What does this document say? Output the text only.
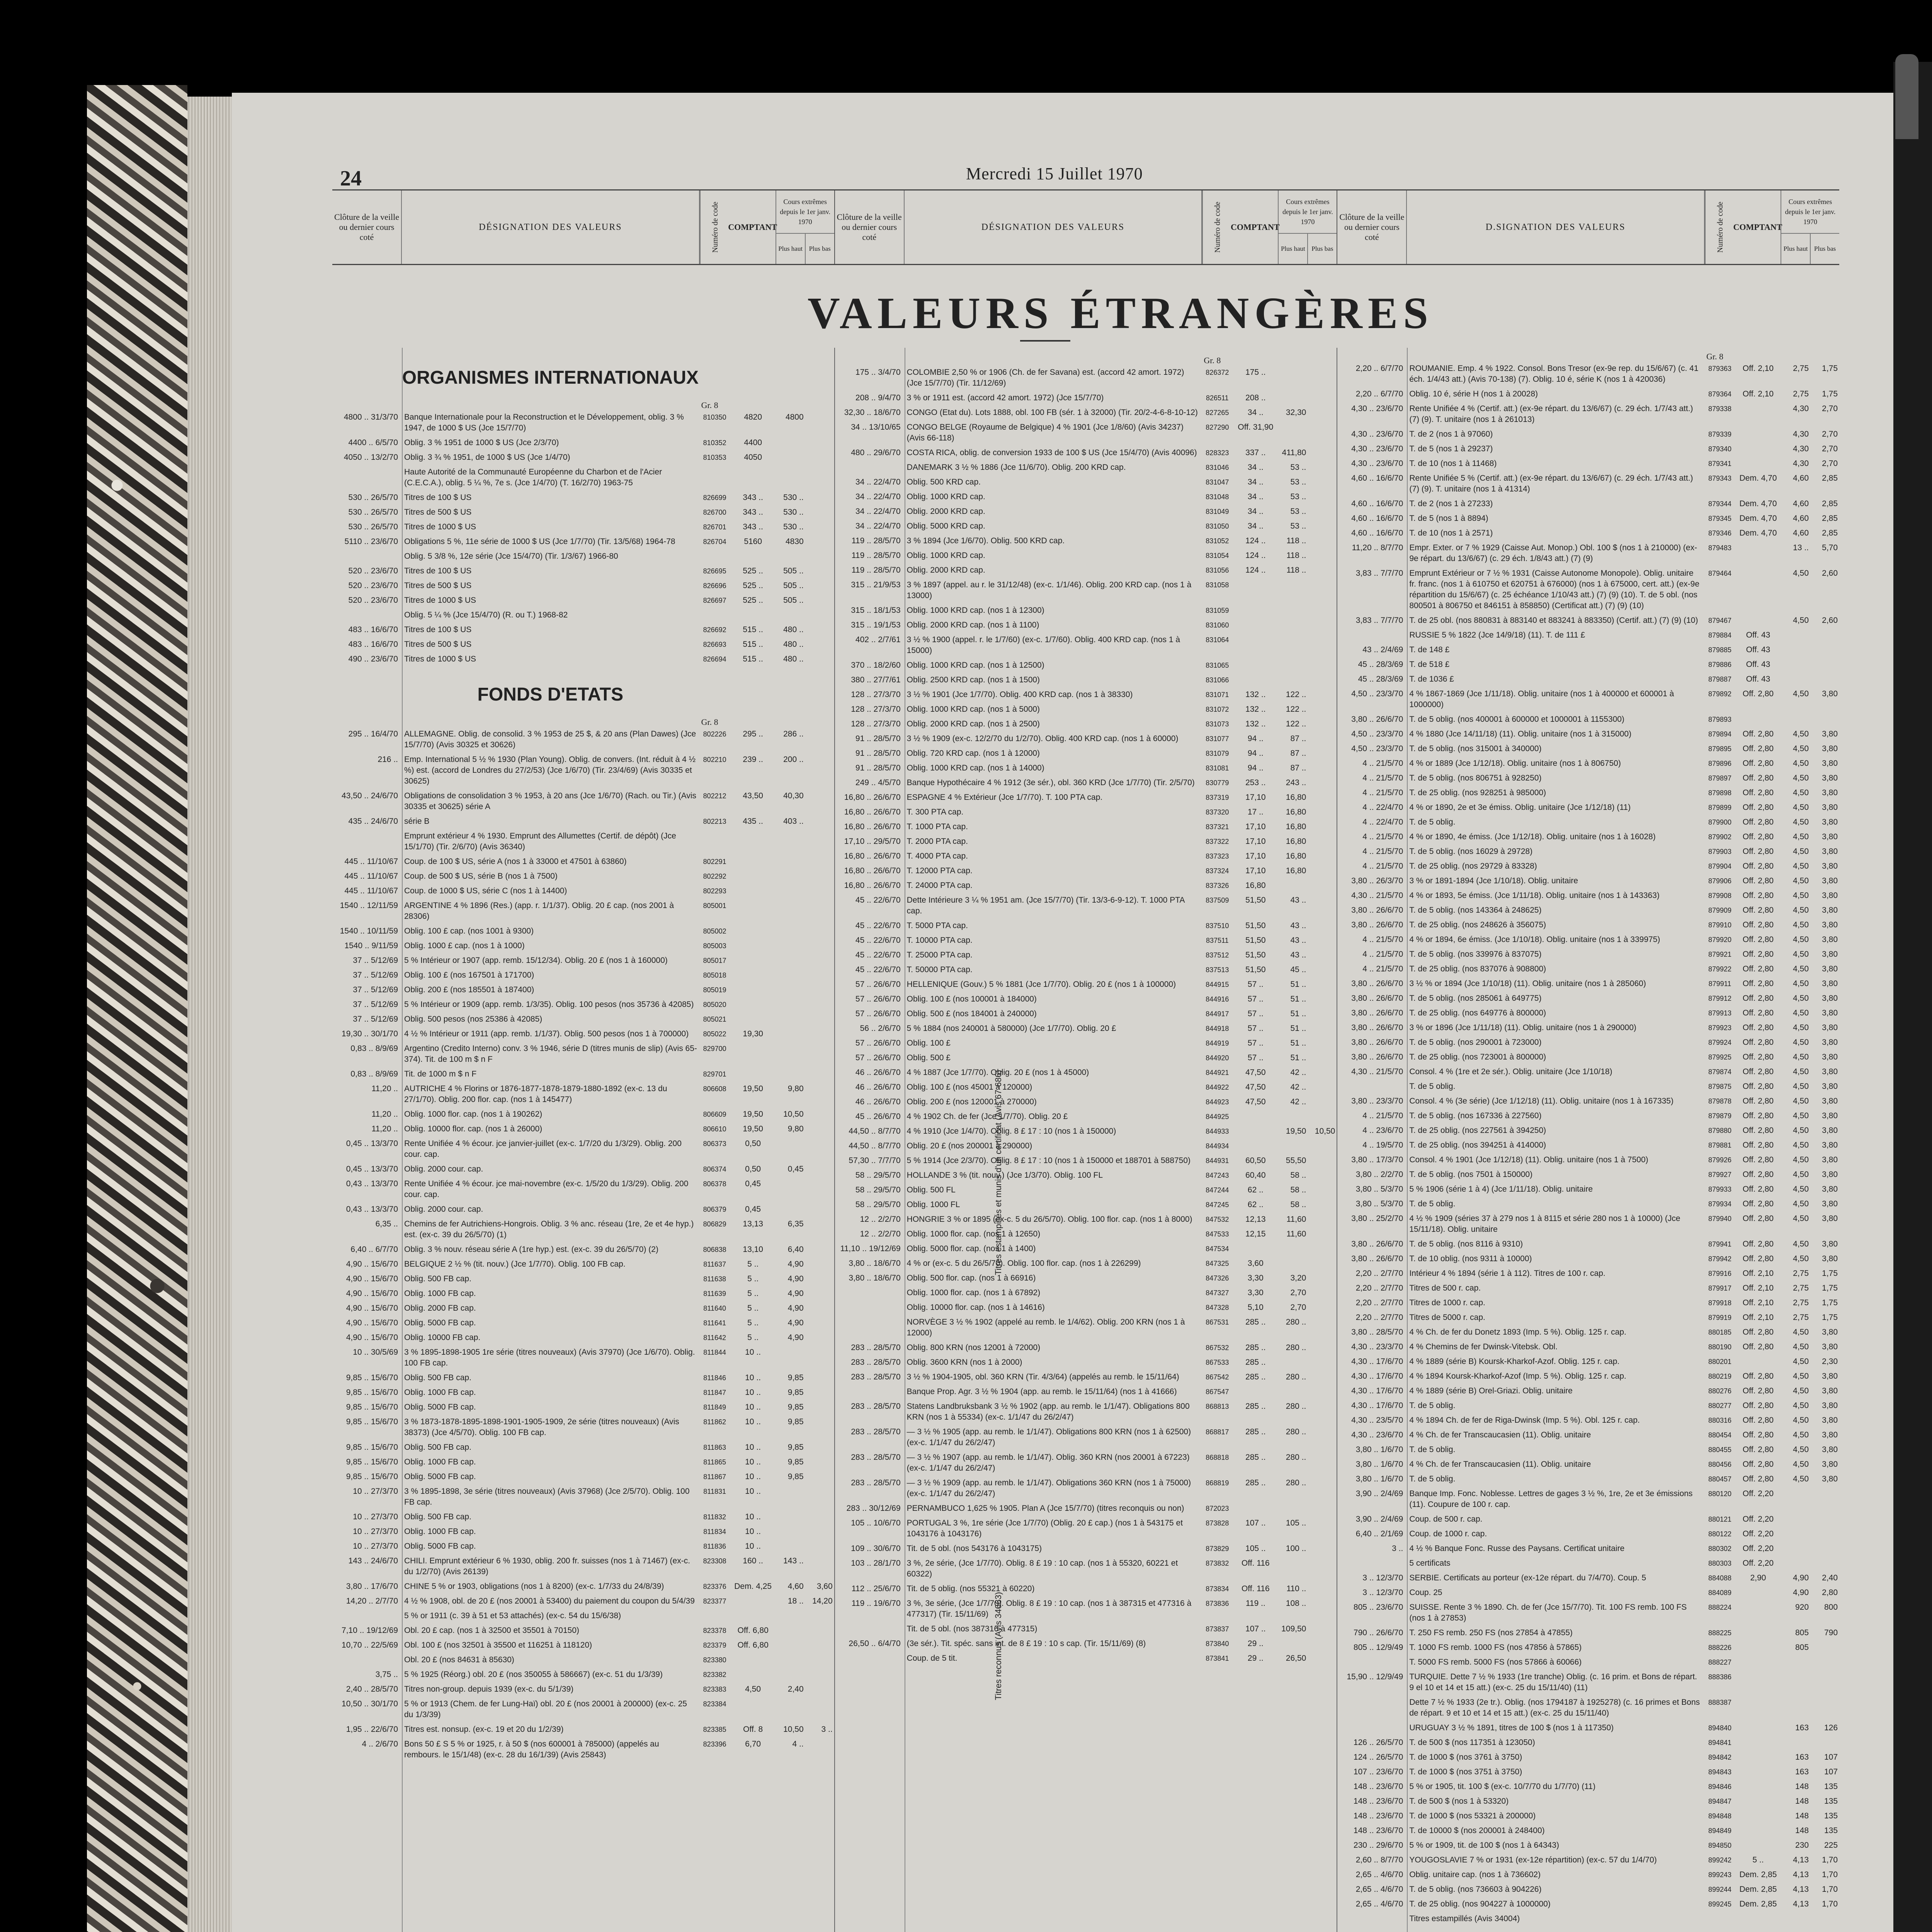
24	Mercredi 15 Juillet 1970
Clôture de la veille ou dernier cours coté
DÉSIGNATION DES VALEURS	Numéro de code	COMPTANT
Cours extrêmes depuis le 1er janv. 1970
Plus haut Plus bas
Clôture de la veille ou dernier cours coté
DÉSIGNATION DES VALEURS	Numéro de code	COMPTANT
Cours extrêmes depuis le 1er janv. 1970
Plus haut Plus bas
Clôture de la veille ou dernier cours coté
D.SIGNATION DES VALEURS	Numéro de code	COMPTANT
Cours extrêmes depuis le 1er janv. 1970
Plus haut Plus bas
VALEURS ÉTRANGÈRES
ORGANISMES INTERNATIONAUX
Gr. 8
4800 .. 31/3/70 Banque Internationale pour la Reconstruction et le Développement, oblig. 3 % 1947, de 1000 $ US (Jce 15/7/70)
810350	4820	4800
4400 .. 6/5/70 Oblig. 3 % 1951 de 1000 $ US (Jce 2/3/70)	810352	4400
4050 .. 13/2/70 Oblig. 3 ¾ % 1951, de 1000 $ US (Jce 1/4/70)	810353	4050
Haute Autorité de la Communauté Européenne du Charbon et de l'Acier (C.E.C.A.), oblig. 5 ¼ %, 7e s. (Jce 1/4/70) (T. 16/2/70) 1963-75
530 .. 26/5/70 Titres de 100 $ US	826699	343 ..	530 ..
530 .. 26/5/70 Titres de 500 $ US	826700	343 ..	530 ..
530 .. 26/5/70 Titres de 1000 $ US	826701	343 ..	530 ..
5110 .. 23/6/70 Obligations 5 %, 11e série de 1000 $ US (Jce 1/7/70) (Tir. 13/5/68) 1964-78	826704	5160	4830
Oblig. 5 3/8 %, 12e série (Jce 15/4/70) (Tir. 1/3/67) 1966-80
520 .. 23/6/70 Titres de 100 $ US	826695	525 ..	505 ..
520 .. 23/6/70 Titres de 500 $ US	826696	525 ..	505 ..
520 .. 23/6/70 Titres de 1000 $ US	826697	525 ..	505 ..
Oblig. 5 ¼ % (Jce 15/4/70) (R. ou T.) 1968-82
483 .. 16/6/70 Titres de 100 $ US	826692	515 ..	480 ..
483 .. 16/6/70 Titres de 500 $ US	826693	515 ..	480 ..
490 .. 23/6/70 Titres de 1000 $ US	826694	515 ..	480 ..
FONDS D'ETATS
Gr. 8
295 .. 16/4/70 ALLEMAGNE. Oblig. de consolid. 3 % 1953 de 25 $, & 20 ans (Plan Dawes) (Jce 15/7/70) (Avis 30325 et 30626)
802226	295 ..	286 ..
216 .. Emp. International 5 ½ % 1930 (Plan Young). Oblig. de convers. (Int. réduit à 4 ½ %) est. (accord de Londres du 27/2/53) (Jce 1/6/70) (Tir. 23/4/69) (Avis 30335 et 30625)
802210	239 ..	200 ..
43,50 .. 24/6/70 Obligations de consolidation 3 % 1953, à 20 ans (Jce 1/6/70) (Rach. ou Tir.) (Avis 30335 et 30625) série A
802212	43,50	40,30
435 .. 24/6/70 série B	802213	435 ..	403 ..
Emprunt extérieur 4 % 1930. Emprunt des Allumettes (Certif. de dépôt) (Jce 15/1/70) (Tir. 2/6/70) (Avis 36340)
445 .. 11/10/67 Coup. de 100 $ US, série A (nos 1 à 33000 et 47501 à 63860)	802291
445 .. 11/10/67 Coup. de 500 $ US, série B (nos 1 à 7500)	802292
445 .. 11/10/67 Coup. de 1000 $ US, série C (nos 1 à 14400)	802293
1540 .. 12/11/59 ARGENTINE 4 % 1896 (Res.) (app. r. 1/1/37). Oblig. 20 £ cap. (nos 2001 à 28306)
805001
1540 .. 10/11/59 Oblig. 100 £ cap. (nos 1001 à 9300)	805002
1540 .. 9/11/59 Oblig. 1000 £ cap. (nos 1 à 1000)	805003
37 .. 5/12/69 5 % Intérieur or 1907 (app. remb. 15/12/34). Oblig. 20 £ (nos 1 à 160000)	805017
37 .. 5/12/69 Oblig. 100 £ (nos 167501 à 171700)	805018
37 .. 5/12/69 Oblig. 200 £ (nos 185501 à 187400)	805019
37 .. 5/12/69 5 % Intérieur or 1909 (app. remb. 1/3/35). Oblig. 100 pesos (nos 35736 à 42085)	805020
37 .. 5/12/69 Oblig. 500 pesos (nos 25386 à 42085)	805021
19,30 .. 30/1/70 4 ½ % Intérieur or 1911 (app. remb. 1/1/37). Oblig. 500 pesos (nos 1 à 700000)	805022	19,30
0,83 .. 8/9/69 Argentino (Credito Interno) conv. 3 % 1946, série D (titres munis de slip) (Avis 65-374). Tit. de 100 m $ n F
829700
0,83 .. 8/9/69 Tit. de 1000 m $ n F	829701
11,20 .. AUTRICHE 4 % Florins or 1876-1877-1878-1879-1880-1892 (ex-c. 13 du 27/1/70). Oblig. 200 flor. cap. (nos 1 à 145477)
806608	19,50	9,80
11,20 .. Oblig. 1000 flor. cap. (nos 1 à 190262)	806609	19,50	10,50
11,20 .. Oblig. 10000 flor. cap. (nos 1 à 26000)	806610	19,50	9,80
0,45 .. 13/3/70 Rente Unifiée 4 % écour. jce janvier-juillet (ex-c. 1/7/20 du 1/3/29). Oblig. 200 cour. cap.
806373	0,50
0,45 .. 13/3/70 Oblig. 2000 cour. cap.	806374	0,50	0,45
0,43 .. 13/3/70 Rente Unifiée 4 % écour. jce mai-novembre (ex-c. 1/5/20 du 1/3/29). Oblig. 200 cour. cap.
806378	0,45
0,43 .. 13/3/70 Oblig. 2000 cour. cap.	806379	0,45
6,35 .. Chemins de fer Autrichiens-Hongrois. Oblig. 3 % anc. réseau (1re, 2e et 4e hyp.) est. (ex-c. 39 du 26/5/70) (1)
806829	13,13	6,35
6,40 .. 6/7/70 Oblig. 3 % nouv. réseau série A (1re hyp.) est. (ex-c. 39 du 26/5/70) (2)	806838	13,10	6,40
4,90 .. 15/6/70 BELGIQUE 2 ½ % (tit. nouv.) (Jce 1/7/70). Oblig. 100 FB cap.	811637	5 ..	4,90
4,90 .. 15/6/70 Oblig. 500 FB cap.	811638	5 ..	4,90
4,90 .. 15/6/70 Oblig. 1000 FB cap.	811639	5 ..	4,90
4,90 .. 15/6/70 Oblig. 2000 FB cap.	811640	5 ..	4,90
4,90 .. 15/6/70 Oblig. 5000 FB cap.	811641	5 ..	4,90
4,90 .. 15/6/70 Oblig. 10000 FB cap.	811642	5 ..	4,90
10 .. 30/5/69 3 % 1895-1898-1905 1re série (titres nouveaux) (Avis 37970) (Jce 1/6/70). Oblig. 100 FB cap.
811844	10 ..
9,85 .. 15/6/70 Oblig. 500 FB cap.	811846	10 ..	9,85
9,85 .. 15/6/70 Oblig. 1000 FB cap.	811847	10 ..	9,85
9,85 .. 15/6/70 Oblig. 5000 FB cap.	811849	10 ..	9,85
9,85 .. 15/6/70 3 % 1873-1878-1895-1898-1901-1905-1909, 2e série (titres nouveaux) (Avis 38373) (Jce 4/5/70). Oblig. 100 FB cap.
811862	10 ..	9,85
9,85 .. 15/6/70 Oblig. 500 FB cap.	811863	10 ..	9,85
9,85 .. 15/6/70 Oblig. 1000 FB cap.	811865	10 ..	9,85
9,85 .. 15/6/70 Oblig. 5000 FB cap.	811867	10 ..	9,85
10 .. 27/3/70 3 % 1895-1898, 3e série (titres nouveaux) (Avis 37968) (Jce 2/5/70). Oblig. 100 FB cap.
811831	10 ..
10 .. 27/3/70 Oblig. 500 FB cap.	811832	10 ..
10 .. 27/3/70 Oblig. 1000 FB cap.	811834	10 ..
10 .. 27/3/70 Oblig. 5000 FB cap.	811836	10 ..
143 .. 24/6/70 CHILI. Emprunt extérieur 6 % 1930, oblig. 200 fr. suisses (nos 1 à 71467) (ex-c. du 1/2/70) (Avis 26139)
823308	160 ..	143 ..
3,80 .. 17/6/70 CHINE 5 % or 1903, obligations (nos 1 à 8200) (ex-c. 1/7/33 du 24/8/39)	823376 Dem. 4,25	4,60	3,60
14,20 .. 2/7/70 4 ½ % 1908, obl. de 20 £ (nos 20001 à 53400) du paiement du coupon du 5/4/39	823377	18 ..	14,20
5 % or 1911 (c. 39 à 51 et 53 attachés) (ex-c. 54 du 15/6/38)
7,10 .. 19/12/69 Obl. 20 £ cap. (nos 1 à 32500 et 35501 à 70150)	823378	Off. 6,80
10,70 .. 22/5/69 Obl. 100 £ (nos 32501 à 35500 et 116251 à 118120)	823379	Off. 6,80
Obl. 20 £ (nos 84631 à 85630)	823380
3,75 .. 5 % 1925 (Réorg.) obl. 20 £ (nos 350055 à 586667) (ex-c. 51 du 1/3/39)	823382
2,40 .. 28/5/70 Titres non-group. depuis 1939 (ex-c. du 5/1/39)	823383	4,50	2,40
10,50 .. 30/1/70 5 % or 1913 (Chem. de fer Lung-Haï) obl. 20 £ (nos 20001 à 200000) (ex-c. 25 du 1/3/39)
823384
1,95 .. 22/6/70 Titres est. nonsup. (ex-c. 19 et 20 du 1/2/39)	823385	Off. 8	10,50	3 ..
4 .. 2/6/70 Bons 50 £ S 5 % or 1925, r. à 50 $ (nos 600001 à 785000) (appelés au rembours. le 15/1/48) (ex-c. 28 du 16/1/39) (Avis 25843)
823396	6,70	4 ..
Gr. 8
175 .. 3/4/70 COLOMBIE 2,50 % or 1906 (Ch. de fer Savana) est. (accord 42 amort. 1972) (Jce 15/7/70) (Tir. 11/12/69)
826372	175 ..
208 .. 9/4/70 3 % or 1911 est. (accord 42 amort. 1972) (Jce 15/7/70)	826511	208 ..
32,30 .. 18/6/70 CONGO (Etat du). Lots 1888, obl. 100 FB (sér. 1 à 32000) (Tir. 20/2-4-6-8-10-12)	827265	34 ..	32,30
34 .. 13/10/65 CONGO BELGE (Royaume de Belgique) 4 % 1901 (Jce 1/8/60) (Avis 34237) (Avis 66-118)
827290	Off. 31,90
480 .. 29/6/70 COSTA RICA, oblig. de conversion 1933 de 100 $ US (Jce 15/4/70) (Avis 40096)	828323	337 ..	411,80
DANEMARK 3 ½ % 1886 (Jce 11/6/70). Oblig. 200 KRD cap.	831046	34 ..	53 ..
34 .. 22/4/70 Oblig. 500 KRD cap.	831047	34 ..	53 ..
34 .. 22/4/70 Oblig. 1000 KRD cap.	831048	34 ..	53 ..
34 .. 22/4/70 Oblig. 2000 KRD cap.	831049	34 ..	53 ..
34 .. 22/4/70 Oblig. 5000 KRD cap.	831050	34 ..	53 ..
119 .. 28/5/70 3 % 1894 (Jce 1/6/70). Oblig. 500 KRD cap.	831052	124 ..	118 ..
119 .. 28/5/70 Oblig. 1000 KRD cap.	831054	124 ..	118 ..
119 .. 28/5/70 Oblig. 2000 KRD cap.	831056	124 ..	118 ..
315 .. 21/9/53 3 % 1897 (appel. au r. le 31/12/48) (ex-c. 1/1/46). Oblig. 200 KRD cap. (nos 1 à 13000)
831058
315 .. 18/1/53 Oblig. 1000 KRD cap. (nos 1 à 12300)	831059
315 .. 19/1/53 Oblig. 2000 KRD cap. (nos 1 à 1100)	831060
402 .. 2/7/61 3 ½ % 1900 (appel. r. le 1/7/60) (ex-c. 1/7/60). Oblig. 400 KRD cap. (nos 1 à 15000)
831064
370 .. 18/2/60 Oblig. 1000 KRD cap. (nos 1 à 12500)	831065
380 .. 27/7/61 Oblig. 2500 KRD cap. (nos 1 à 1500)	831066
128 .. 27/3/70 3 ½ % 1901 (Jce 1/7/70). Oblig. 400 KRD cap. (nos 1 à 38330)	831071	132 ..	122 ..
128 .. 27/3/70 Oblig. 1000 KRD cap. (nos 1 à 5000)	831072	132 ..	122 ..
128 .. 27/3/70 Oblig. 2000 KRD cap. (nos 1 à 2500)	831073	132 ..	122 ..
91 .. 28/5/70 3 ½ % 1909 (ex-c. 12/2/70 du 1/2/70). Oblig. 400 KRD cap. (nos 1 à 60000)	831077	94 ..	87 ..
91 .. 28/5/70 Oblig. 720 KRD cap. (nos 1 à 12000)	831079	94 ..	87 ..
91 .. 28/5/70 Oblig. 1000 KRD cap. (nos 1 à 14000)	831081	94 ..	87 ..
249 .. 4/5/70 Banque Hypothécaire 4 % 1912 (3e sér.), obl. 360 KRD (Jce 1/7/70) (Tir. 2/5/70)	830779	253 ..	243 ..
16,80 .. 26/6/70 ESPAGNE 4 % Extérieur (Jce 1/7/70). T. 100 PTA cap.	837319	17,10	16,80
16,80 .. 26/6/70 T. 300 PTA cap.	837320	17 ..	16,80
16,80 .. 26/6/70 T. 1000 PTA cap.	837321	17,10	16,80
17,10 .. 29/5/70 T. 2000 PTA cap.	837322	17,10	16,80
16,80 .. 26/6/70 T. 4000 PTA cap.	837323	17,10	16,80
16,80 .. 26/6/70 T. 12000 PTA cap.	837324	17,10	16,80
16,80 .. 26/6/70 T. 24000 PTA cap.	837326	16,80
45 .. 22/6/70 Dette Intérieure 3 ¼ % 1951 am. (Jce 15/7/70) (Tir. 13/3-6-9-12). T. 1000 PTA cap.
837509	51,50	43 ..
45 .. 22/6/70 T. 5000 PTA cap.	837510	51,50	43 ..
45 .. 22/6/70 T. 10000 PTA cap.	837511	51,50	43 ..
45 .. 22/6/70 T. 25000 PTA cap.	837512	51,50	43 ..
45 .. 22/6/70 T. 50000 PTA cap.	837513	51,50	45 ..
57 .. 26/6/70 HELLENIQUE (Gouv.) 5 % 1881 (Jce 1/7/70). Oblig. 20 £ (nos 1 à 100000)	844915	57 ..	51 ..
57 .. 26/6/70 Oblig. 100 £ (nos 100001 à 184000)	844916	57 ..	51 ..
57 .. 26/6/70 Oblig. 500 £ (nos 184001 à 240000)	844917	57 ..	51 ..
56 .. 2/6/70 5 % 1884 (nos 240001 à 580000) (Jce 1/7/70). Oblig. 20 £	844918	57 ..	51 ..
57 .. 26/6/70 Oblig. 100 £	844919	57 ..	51 ..
57 .. 26/6/70 Oblig. 500 £	844920	57 ..	51 ..
46 .. 26/6/70 4 % 1887 (Jce 1/7/70). Oblig. 20 £ (nos 1 à 45000)	844921	47,50	42 ..
46 .. 26/6/70 Oblig. 100 £ (nos 45001 à 120000)	844922	47,50	42 ..
46 .. 26/6/70 Oblig. 200 £ (nos 120001 à 270000)	844923	47,50	42 ..
45 .. 26/6/70 4 % 1902 Ch. de fer (Jce 1/7/70). Oblig. 20 £	844925
44,50 .. 8/7/70 4 % 1910 (Jce 1/4/70). Oblig. 8 £ 17 : 10 (nos 1 à 150000)	844933	19,50	10,50
44,50 .. 8/7/70 Oblig. 20 £ (nos 200001 à 290000)	844934
57,30 .. 7/7/70 5 % 1914 (Jce 2/3/70). Oblig. 8 £ 17 : 10 (nos 1 à 150000 et 188701 à 588750)	844931	60,50	55,50
58 .. 29/5/70 HOLLANDE 3 % (tit. nouv.) (Jce 1/3/70). Oblig. 100 FL	847243	60,40	58 ..
58 .. 29/5/70 Oblig. 500 FL	847244	62 ..	58 ..
58 .. 29/5/70 Oblig. 1000 FL	847245	62 ..	58 ..
12 .. 2/2/70 HONGRIE 3 % or 1895 (ex-c. 5 du 26/5/70). Oblig. 100 flor. cap. (nos 1 à 8000)	847532	12,13	11,60
12 .. 2/2/70 Oblig. 1000 flor. cap. (nos 1 à 12650)	847533	12,15	11,60
11,10 .. 19/12/69 Oblig. 5000 flor. cap. (nos 1 à 1400)	847534
3,80 .. 18/6/70 4 % or (ex-c. 5 du 26/5/70). Oblig. 100 flor. cap. (nos 1 à 226299)	847325	3,60
3,80 .. 18/6/70 Oblig. 500 flor. cap. (nos 1 à 66916)	847326	3,30	3,20
Oblig. 1000 flor. cap. (nos 1 à 67892)	847327	3,30	2,70
Oblig. 10000 flor. cap. (nos 1 à 14616)	847328	5,10	2,70
NORVÈGE 3 ½ % 1902 (appelé au remb. le 1/4/62). Oblig. 200 KRN (nos 1 à 12000)
867531	285 ..	280 ..
283 .. 28/5/70 Oblig. 800 KRN (nos 12001 à 72000)	867532	285 ..	280 ..
283 .. 28/5/70 Oblig. 3600 KRN (nos 1 à 2000)	867533	285 ..
283 .. 28/5/70 3 ½ % 1904-1905, obl. 360 KRN (Tir. 4/3/64) (appelés au remb. le 15/11/64)	867542	285 ..	280 ..
Banque Prop. Agr. 3 ½ % 1904 (app. au remb. le 15/11/64) (nos 1 à 41666)	867547
283 .. 28/5/70 Statens Landbruksbank 3 ½ % 1902 (app. au remb. le 1/1/47). Obligations 800 KRN (nos 1 à 55334) (ex-c. 1/1/47 du 26/2/47)
868813	285 ..	280 ..
283 .. 28/5/70 — 3 ½ % 1905 (app. au remb. le 1/1/47). Obligations 800 KRN (nos 1 à 62500) (ex-c. 1/1/47 du 26/2/47)
868817	285 ..	280 ..
283 .. 28/5/70 — 3 ½ % 1907 (app. au remb. le 1/1/47). Oblig. 360 KRN (nos 20001 à 67223) (ex-c. 1/1/47 du 26/2/47)
868818	285 ..	280 ..
283 .. 28/5/70 — 3 ½ % 1909 (app. au remb. le 1/1/47). Obligations 360 KRN (nos 1 à 75000) (ex-c. 1/1/47 du 26/2/47)
868819	285 ..	280 ..
283 .. 30/12/69 PERNAMBUCO 1,625 % 1905. Plan A (Jce 15/7/70) (titres reconquis ou non)	872023
105 .. 10/6/70 PORTUGAL 3 %, 1re série (Jce 1/7/70) (Oblig. 20 £ cap.) (nos 1 à 543175 et 1043176 à 1043176)
873828	107 ..	105 ..
109 .. 30/6/70 Tit. de 5 obl. (nos 543176 à 1043175)	873829	105 ..	100 ..
103 .. 28/1/70 3 %, 2e série, (Jce 1/7/70). Oblig. 8 £ 19 : 10 cap. (nos 1 à 55320, 60221 et 60322)
873832	Off. 116
112 .. 25/6/70 Tit. de 5 oblig. (nos 55321 à 60220)	873834	Off. 116	110 ..
119 .. 19/6/70 3 %, 3e série, (Jce 1/7/70). Oblig. 8 £ 19 : 10 cap. (nos 1 à 387315 et 477316 à 477317) (Tir. 15/11/69)
873836	119 ..	108 ..
Tit. de 5 obl. (nos 387316 à 477315)	873837	107 ..	109,50
26,50 .. 6/4/70 (3e sér.). Tit. spéc. sans int. de 8 £ 19 : 10 s cap. (Tir. 15/11/69) (8)	873840	29 ..
Coup. de 5 tit.	873841	29 ..	26,50
Titres estampillés et munis d'un certificat (Avis 67-686)
Titres reconnus (Avis 34663)
Gr. 8
2,20 .. 6/7/70 ROUMANIE. Emp. 4 % 1922. Consol. Bons Tresor (ex-9e rep. du 15/6/67) (c. 41 éch. 1/4/43 att.) (Avis 70-138) (7). Oblig. 10 é, série K (nos 1 à 420036)
879363	Off. 2,10	2,75	1,75
2,20 .. 6/7/70 Oblig. 10 é, série H (nos 1 à 20028)	879364	Off. 2,10	2,75	1,75
4,30 .. 23/6/70 Rente Unifiée 4 % (Certif. att.) (ex-9e répart. du 13/6/67) (c. 29 éch. 1/7/43 att.) (7) (9). T. unitaire (nos 1 à 261013)
879338	4,30	2,70
4,30 .. 23/6/70 T. de 2 (nos 1 à 97060)	879339	4,30	2,70
4,30 .. 23/6/70 T. de 5 (nos 1 à 29237)	879340	4,30	2,70
4,30 .. 23/6/70 T. de 10 (nos 1 à 11468)	879341	4,30	2,70
4,60 .. 16/6/70 Rente Unifiée 5 % (Certif. att.) (ex-9e répart. du 13/6/67) (c. 29 éch. 1/7/43 att.) (7) (9). T. unitaire (nos 1 à 41314)
879343 Dem. 4,70	4,60	2,85
4,60 .. 16/6/70 T. de 2 (nos 1 à 27233)	879344 Dem. 4,70	4,60	2,85
4,60 .. 16/6/70 T. de 5 (nos 1 à 8894)	879345 Dem. 4,70	4,60	2,85
4,60 .. 16/6/70 T. de 10 (nos 1 à 2571)	879346 Dem. 4,70	4,60	2,85
11,20 .. 8/7/70 Empr. Exter. or 7 % 1929 (Caisse Aut. Monop.) Obl. 100 $ (nos 1 à 210000) (ex-9e répart. du 13/6/67) (c. 29 éch. 1/8/43 att.) (7) (9)
879483	13 ..	5,70
3,83 .. 7/7/70 Emprunt Extérieur or 7 ½ % 1931 (Caisse Autonome Monopole). Oblig. unitaire fr. franc. (nos 1 à 610750 et 620751 à 676000) (nos 1 à 675000, cert. att.) (ex-9e répartition du 15/6/67) (c. 25 échéance 1/10/43 att.) (7) (9) (10). T. de 5 obl. (nos 800501 à 806750 et 846151 à 858850) (Certificat att.) (7) (9) (10)
879464	4,50	2,60
3,83 .. 7/7/70 T. de 25 obl. (nos 880831 à 883140 et 883241 à 883350) (Certif. att.) (7) (9) (10)	879467	4,50	2,60
RUSSIE 5 % 1822 (Jce 14/9/18) (11). T. de 111 £	879884	Off. 43
43 .. 2/4/69 T. de 148 £	879885	Off. 43
45 .. 28/3/69 T. de 518 £	879886	Off. 43
45 .. 28/3/69 T. de 1036 £	879887	Off. 43
4,50 .. 23/3/70 4 % 1867-1869 (Jce 1/11/18). Oblig. unitaire (nos 1 à 400000 et 600001 à 1000000)
879892	Off. 2,80	4,50	3,80
3,80 .. 26/6/70 T. de 5 oblig. (nos 400001 à 600000 et 1000001 à 1155300)	879893
4,50 .. 23/3/70 4 % 1880 (Jce 14/11/18) (11). Oblig. unitaire (nos 1 à 315000)	879894	Off. 2,80	4,50	3,80
4,50 .. 23/3/70 T. de 5 oblig. (nos 315001 à 340000)	879895	Off. 2,80	4,50	3,80
4 .. 21/5/70 4 % or 1889 (Jce 1/12/18). Oblig. unitaire (nos 1 à 806750)	879896	Off. 2,80	4,50	3,80
4 .. 21/5/70 T. de 5 oblig. (nos 806751 à 928250)	879897	Off. 2,80	4,50	3,80
4 .. 21/5/70 T. de 25 oblig. (nos 928251 à 985000)	879898	Off. 2,80	4,50	3,80
4 .. 22/4/70 4 % or 1890, 2e et 3e émiss. Oblig. unitaire (Jce 1/12/18) (11)	879899	Off. 2,80	4,50	3,80
4 .. 22/4/70 T. de 5 oblig.	879900	Off. 2,80	4,50	3,80
4 .. 21/5/70 4 % or 1890, 4e émiss. (Jce 1/12/18). Oblig. unitaire (nos 1 à 16028)	879902	Off. 2,80	4,50	3,80
4 .. 21/5/70 T. de 5 oblig. (nos 16029 à 29728)	879903	Off. 2,80	4,50	3,80
4 .. 21/5/70 T. de 25 oblig. (nos 29729 à 83328)	879904	Off. 2,80	4,50	3,80
3,80 .. 26/3/70 3 % or 1891-1894 (Jce 1/10/18). Oblig. unitaire	879906	Off. 2,80	4,50	3,80
4,30 .. 21/5/70 4 % or 1893, 5e émiss. (Jce 1/11/18). Oblig. unitaire (nos 1 à 143363)	879908	Off. 2,80	4,50	3,80
3,80 .. 26/6/70 T. de 5 oblig. (nos 143364 à 248625)	879909	Off. 2,80	4,50	3,80
3,80 .. 26/6/70 T. de 25 oblig. (nos 248626 à 356075)	879910	Off. 2,80	4,50	3,80
4 .. 21/5/70 4 % or 1894, 6e émiss. (Jce 1/10/18). Oblig. unitaire (nos 1 à 339975)	879920	Off. 2,80	4,50	3,80
4 .. 21/5/70 T. de 5 oblig. (nos 339976 à 837075)	879921	Off. 2,80	4,50	3,80
4 .. 21/5/70 T. de 25 oblig. (nos 837076 à 908800)	879922	Off. 2,80	4,50	3,80
3,80 .. 26/6/70 3 ½ % or 1894 (Jce 1/10/18) (11). Oblig. unitaire (nos 1 à 285060)	879911	Off. 2,80	4,50	3,80
3,80 .. 26/6/70 T. de 5 oblig. (nos 285061 à 649775)	879912	Off. 2,80	4,50	3,80
3,80 .. 26/6/70 T. de 25 oblig. (nos 649776 à 800000)	879913	Off. 2,80	4,50	3,80
3,80 .. 26/6/70 3 % or 1896 (Jce 1/11/18) (11). Oblig. unitaire (nos 1 à 290000)	879923	Off. 2,80	4,50	3,80
3,80 .. 26/6/70 T. de 5 oblig. (nos 290001 à 723000)	879924	Off. 2,80	4,50	3,80
3,80 .. 26/6/70 T. de 25 oblig. (nos 723001 à 800000)	879925	Off. 2,80	4,50	3,80
4,30 .. 21/5/70 Consol. 4 % (1re et 2e sér.). Oblig. unitaire (Jce 1/10/18)	879874	Off. 2,80	4,50	3,80
T. de 5 oblig.	879875	Off. 2,80	4,50	3,80
3,80 .. 23/3/70 Consol. 4 % (3e série) (Jce 1/12/18) (11). Oblig. unitaire (nos 1 à 167335)	879878	Off. 2,80	4,50	3,80
4 .. 21/5/70 T. de 5 oblig. (nos 167336 à 227560)	879879	Off. 2,80	4,50	3,80
4 .. 23/6/70 T. de 25 oblig. (nos 227561 à 394250)	879880	Off. 2,80	4,50	3,80
4 .. 19/5/70 T. de 25 oblig. (nos 394251 à 414000)	879881	Off. 2,80	4,50	3,80
3,80 .. 17/3/70 Consol. 4 % 1901 (Jce 1/12/18) (11). Oblig. unitaire (nos 1 à 7500)	879926	Off. 2,80	4,50	3,80
3,80 .. 2/2/70 T. de 5 oblig. (nos 7501 à 150000)	879927	Off. 2,80	4,50	3,80
3,80 .. 5/3/70 5 % 1906 (série 1 à 4) (Jce 1/11/18). Oblig. unitaire	879933	Off. 2,80	4,50	3,80
3,80 .. 5/3/70 T. de 5 oblig.	879934	Off. 2,80	4,50	3,80
3,80 .. 25/2/70 4 ½ % 1909 (séries 37 à 279 nos 1 à 8115 et série 280 nos 1 à 10000) (Jce 15/11/18). Oblig. unitaire
879940	Off. 2,80	4,50	3,80
3,80 .. 26/6/70 T. de 5 oblig. (nos 8116 à 9310)	879941	Off. 2,80	4,50	3,80
3,80 .. 26/6/70 T. de 10 oblig. (nos 9311 à 10000)	879942	Off. 2,80	4,50	3,80
2,20 .. 2/7/70 Intérieur 4 % 1894 (série 1 à 112). Titres de 100 r. cap.	879916	Off. 2,10	2,75	1,75
2,20 .. 2/7/70 Titres de 500 r. cap.	879917	Off. 2,10	2,75	1,75
2,20 .. 2/7/70 Titres de 1000 r. cap.	879918	Off. 2,10	2,75	1,75
2,20 .. 2/7/70 Titres de 5000 r. cap.	879919	Off. 2,10	2,75	1,75
3,80 .. 28/5/70 4 % Ch. de fer du Donetz 1893 (Imp. 5 %). Oblig. 125 r. cap.	880185	Off. 2,80	4,50	3,80
4,30 .. 23/3/70 4 % Chemins de fer Dwinsk-Vitebsk. Obl.	880190	Off. 2,80	4,50	3,80
4,30 .. 17/6/70 4 % 1889 (série B) Koursk-Kharkof-Azof. Oblig. 125 r. cap.	880201	4,50	2,30
4,30 .. 17/6/70 4 % 1894 Koursk-Kharkof-Azof (Imp. 5 %). Oblig. 125 r. cap.	880219	Off. 2,80	4,50	3,80
4,30 .. 17/6/70 4 % 1889 (série B) Orel-Griazi. Oblig. unitaire	880276	Off. 2,80	4,50	3,80
4,30 .. 17/6/70 T. de 5 oblig.	880277	Off. 2,80	4,50	3,80
4,30 .. 23/5/70 4 % 1894 Ch. de fer de Riga-Dwinsk (Imp. 5 %). Obl. 125 r. cap.	880316	Off. 2,80	4,50	3,80
4,30 .. 23/6/70 4 % Ch. de fer Transcaucasien (11). Oblig. unitaire	880454	Off. 2,80	4,50	3,80
3,80 .. 1/6/70 T. de 5 oblig.	880455	Off. 2,80	4,50	3,80
3,80 .. 1/6/70 4 % Ch. de fer Transcaucasien (11). Oblig. unitaire	880456	Off. 2,80	4,50	3,80
3,80 .. 1/6/70 T. de 5 oblig.	880457	Off. 2,80	4,50	3,80
3,90 .. 2/4/69 Banque Imp. Fonc. Noblesse. Lettres de gages 3 ½ %, 1re, 2e et 3e émissions (11). Coupure de 100 r. cap.
880120	Off. 2,20
3,90 .. 2/4/69 Coup. de 500 r. cap.	880121	Off. 2,20
6,40 .. 2/1/69 Coup. de 1000 r. cap.	880122	Off. 2,20
3 .. 4 ½ % Banque Fonc. Russe des Paysans. Certificat unitaire	880302	Off. 2,20
5 certificats	880303	Off. 2,20
3 .. 12/3/70 SERBIE. Certificats au porteur (ex-12e répart. du 7/4/70). Coup. 5	884088	2,90	4,90	2,40
3 .. 12/3/70 Coup. 25	884089	4,90	2,80
805 .. 23/6/70 SUISSE. Rente 3 % 1890. Ch. de fer (Jce 15/7/70). Tit. 100 FS remb. 100 FS (nos 1 à 27853)
888224	920	800
790 .. 26/6/70 T. 250 FS remb. 250 FS (nos 27854 à 47855)	888225	805	790
805 .. 12/9/49 T. 1000 FS remb. 1000 FS (nos 47856 à 57865)	888226	805
T. 5000 FS remb. 5000 FS (nos 57866 à 60066)	888227
15,90 .. 12/9/49 TURQUIE. Dette 7 ½ % 1933 (1re tranche) Oblig. (c. 16 prim. et Bons de répart. 9 el 10 et 14 et 15 att.) (ex-c. 25 du 15/11/40) (11)
888386
Dette 7 ½ % 1933 (2e tr.). Oblig. (nos 1794187 à 1925278) (c. 16 primes et Bons de répart. 9 et 10 et 14 et 15 att.) (ex-c. 25 du 15/11/40)
888387
URUGUAY 3 ½ % 1891, titres de 100 $ (nos 1 à 117350)	894840	163	126
126 .. 26/5/70 T. de 500 $ (nos 117351 à 123050)	894841
124 .. 26/5/70 T. de 1000 $ (nos 3761 à 3750)	894842	163	107
107 .. 23/6/70 T. de 1000 $ (nos 3751 à 3750)	894843	163	107
148 .. 23/6/70 5 % or 1905, tit. 100 $ (ex-c. 10/7/70 du 1/7/70) (11)	894846	148	135
148 .. 23/6/70 T. de 500 $ (nos 1 à 53320)	894847	148	135
148 .. 23/6/70 T. de 1000 $ (nos 53321 à 200000)	894848	148	135
148 .. 23/6/70 T. de 10000 $ (nos 200001 à 248400)	894849	148	135
230 .. 29/6/70 5 % or 1909, tit. de 100 $ (nos 1 à 64343)	894850	230	225
2,60 .. 8/7/70 YOUGOSLAVIE 7 % or 1931 (ex-12e répartition) (ex-c. 57 du 1/4/70)	899242	5 ..	4,13	1,70
2,65 .. 4/6/70 Oblig. unitaire cap. (nos 1 à 736602)	899243 Dem. 2,85	4,13	1,70
2,65 .. 4/6/70 T. de 5 oblig. (nos 736603 à 904226)	899244 Dem. 2,85	4,13	1,70
2,65 .. 4/6/70 T. de 25 oblig. (nos 904227 à 1000000)	899245 Dem. 2,85	4,13	1,70
Titres estampillés (Avis 34004)
